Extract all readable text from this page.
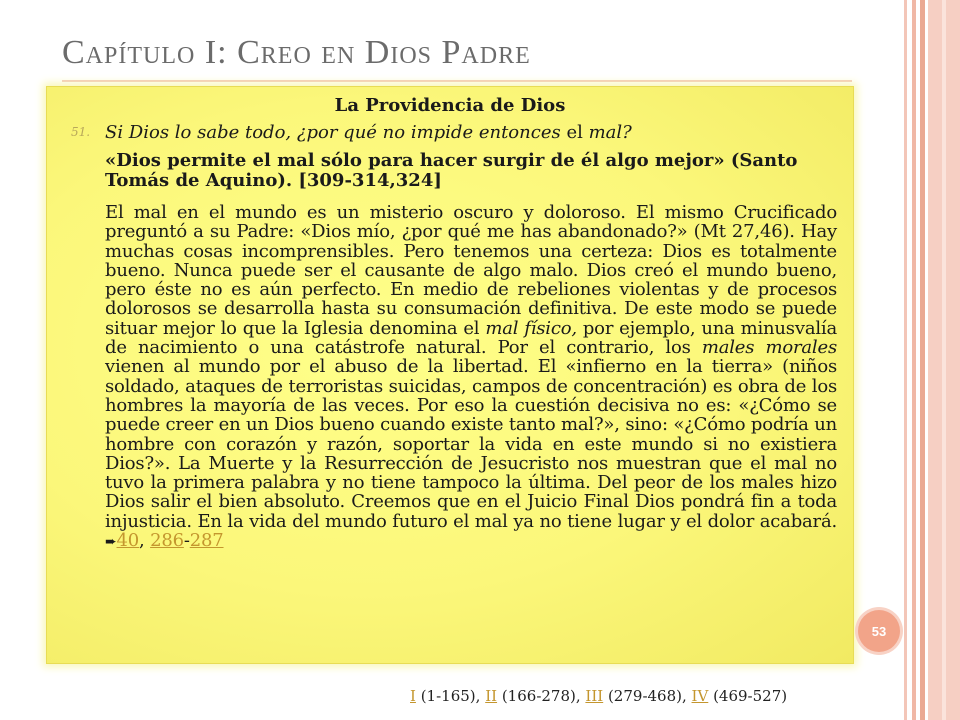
Capítulo I: Creo en Dios Padre
La Providencia de Dios
51. Si Dios lo sabe todo, ¿por qué no impide entonces el mal?
«Dios permite el mal sólo para hacer surgir de él algo mejor» (Santo Tomás de Aquino). [309-314,324]
El mal en el mundo es un misterio oscuro y doloroso. El mismo Crucificado preguntó a su Padre: «Dios mío, ¿por qué me has abandonado?» (Mt 27,46). Hay muchas cosas incomprensibles. Pero tenemos una certeza: Dios es totalmente bueno. Nunca puede ser el causante de algo malo. Dios creó el mundo bueno, pero éste no es aún perfecto. En medio de rebeliones violentas y de procesos dolorosos se desarrolla hasta su consumación definitiva. De este modo se puede situar mejor lo que la Iglesia denomina el mal físico, por ejemplo, una minusvalía de nacimiento o una catástrofe natural. Por el contrario, los males morales vienen al mundo por el abuso de la libertad. El «infierno en la tierra» (niños soldado, ataques de terroristas suicidas, campos de concentración) es obra de los hombres la mayoría de las veces. Por eso la cuestión decisiva no es: «¿Cómo se puede creer en un Dios bueno cuando existe tanto mal?», sino: «¿Cómo podría un hombre con corazón y razón, soportar la vida en este mundo si no existiera Dios?». La Muerte y la Resurrección de Jesucristo nos muestran que el mal no tuvo la primera palabra y no tiene tampoco la última. Del peor de los males hizo Dios salir el bien absoluto. Creemos que en el Juicio Final Dios pondrá fin a toda injusticia. En la vida del mundo futuro el mal ya no tiene lugar y el dolor acabará. ➨40, 286-287
53
I (1-165), II (166-278), III (279-468), IV (469-527)
